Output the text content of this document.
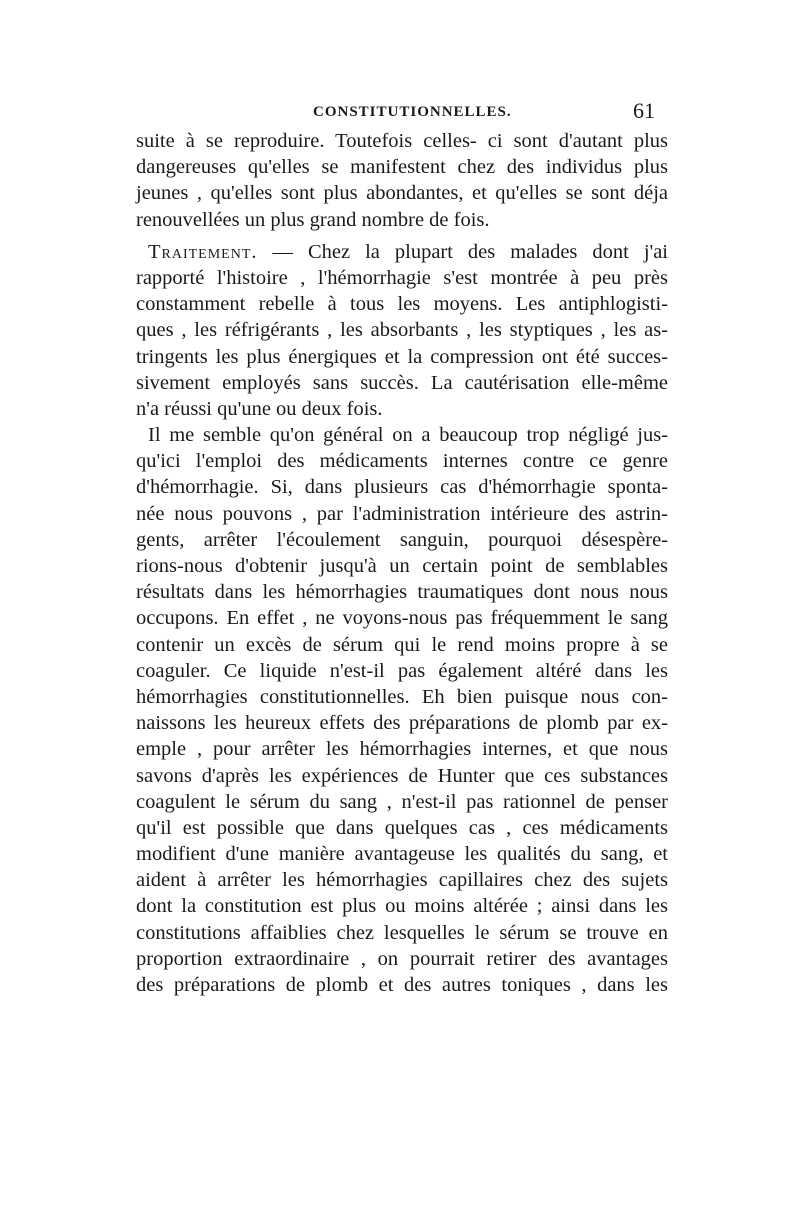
CONSTITUTIONNELLES.	61
suite à se reproduire. Toutefois celles- ci sont d'autant plus
dangereuses qu'elles se manifestent chez des individus plus
jeunes , qu'elles sont plus abondantes, et qu'elles se sont déja
renouvellées un plus grand nombre de fois.
Traitement. — Chez la plupart des malades dont j'ai
rapporté l'histoire , l'hémorrhagie s'est montrée à peu près
constamment rebelle à tous les moyens. Les antiphlogisti-
ques , les réfrigérants , les absorbants , les styptiques , les as-
tringents les plus énergiques et la compression ont été succes-
sivement employés sans succès. La cautérisation elle-même
n'a réussi qu'une ou deux fois.
Il me semble qu'on général on a beaucoup trop négligé jus-
qu'ici l'emploi des médicaments internes contre ce genre
d'hémorrhagie. Si, dans plusieurs cas d'hémorrhagie sponta-
née nous pouvons , par l'administration intérieure des astrin-
gents, arrêter l'écoulement sanguin, pourquoi désespère-
rions-nous d'obtenir jusqu'à un certain point de semblables
résultats dans les hémorrhagies traumatiques dont nous nous
occupons. En effet , ne voyons-nous pas fréquemment le sang
contenir un excès de sérum qui le rend moins propre à se
coaguler. Ce liquide n'est-il pas également altéré dans les
hémorrhagies constitutionnelles. Eh bien puisque nous con-
naissons les heureux effets des préparations de plomb par ex-
emple , pour arrêter les hémorrhagies internes, et que nous
savons d'après les expériences de Hunter que ces substances
coagulent le sérum du sang , n'est-il pas rationnel de penser
qu'il est possible que dans quelques cas , ces médicaments
modifient d'une manière avantageuse les qualités du sang, et
aident à arrêter les hémorrhagies capillaires chez des sujets
dont la constitution est plus ou moins altérée ; ainsi dans les
constitutions affaiblies chez lesquelles le sérum se trouve en
proportion extraordinaire , on pourrait retirer des avantages
des préparations de plomb et des autres toniques , dans les
